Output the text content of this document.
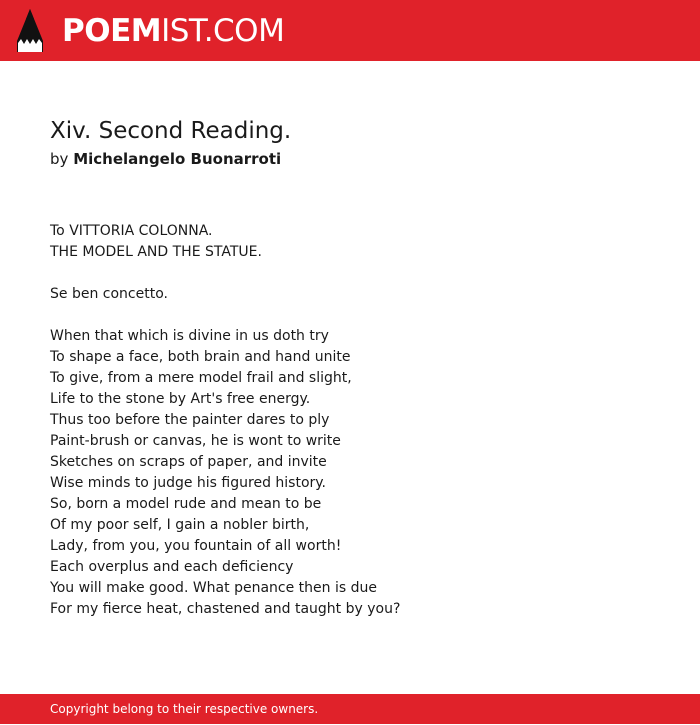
POEMIST.COM
Xiv. Second Reading.
by Michelangelo Buonarroti
To VITTORIA COLONNA.
THE MODEL AND THE STATUE.
Se ben concetto.
When that which is divine in us doth try
To shape a face, both brain and hand unite
To give, from a mere model frail and slight,
Life to the stone by Art's free energy.
Thus too before the painter dares to ply
Paint-brush or canvas, he is wont to write
Sketches on scraps of paper, and invite
Wise minds to judge his figured history.
So, born a model rude and mean to be
Of my poor self, I gain a nobler birth,
Lady, from you, you fountain of all worth!
Each overplus and each deficiency
You will make good. What penance then is due
For my fierce heat, chastened and taught by you?
Copyright belong to their respective owners.
